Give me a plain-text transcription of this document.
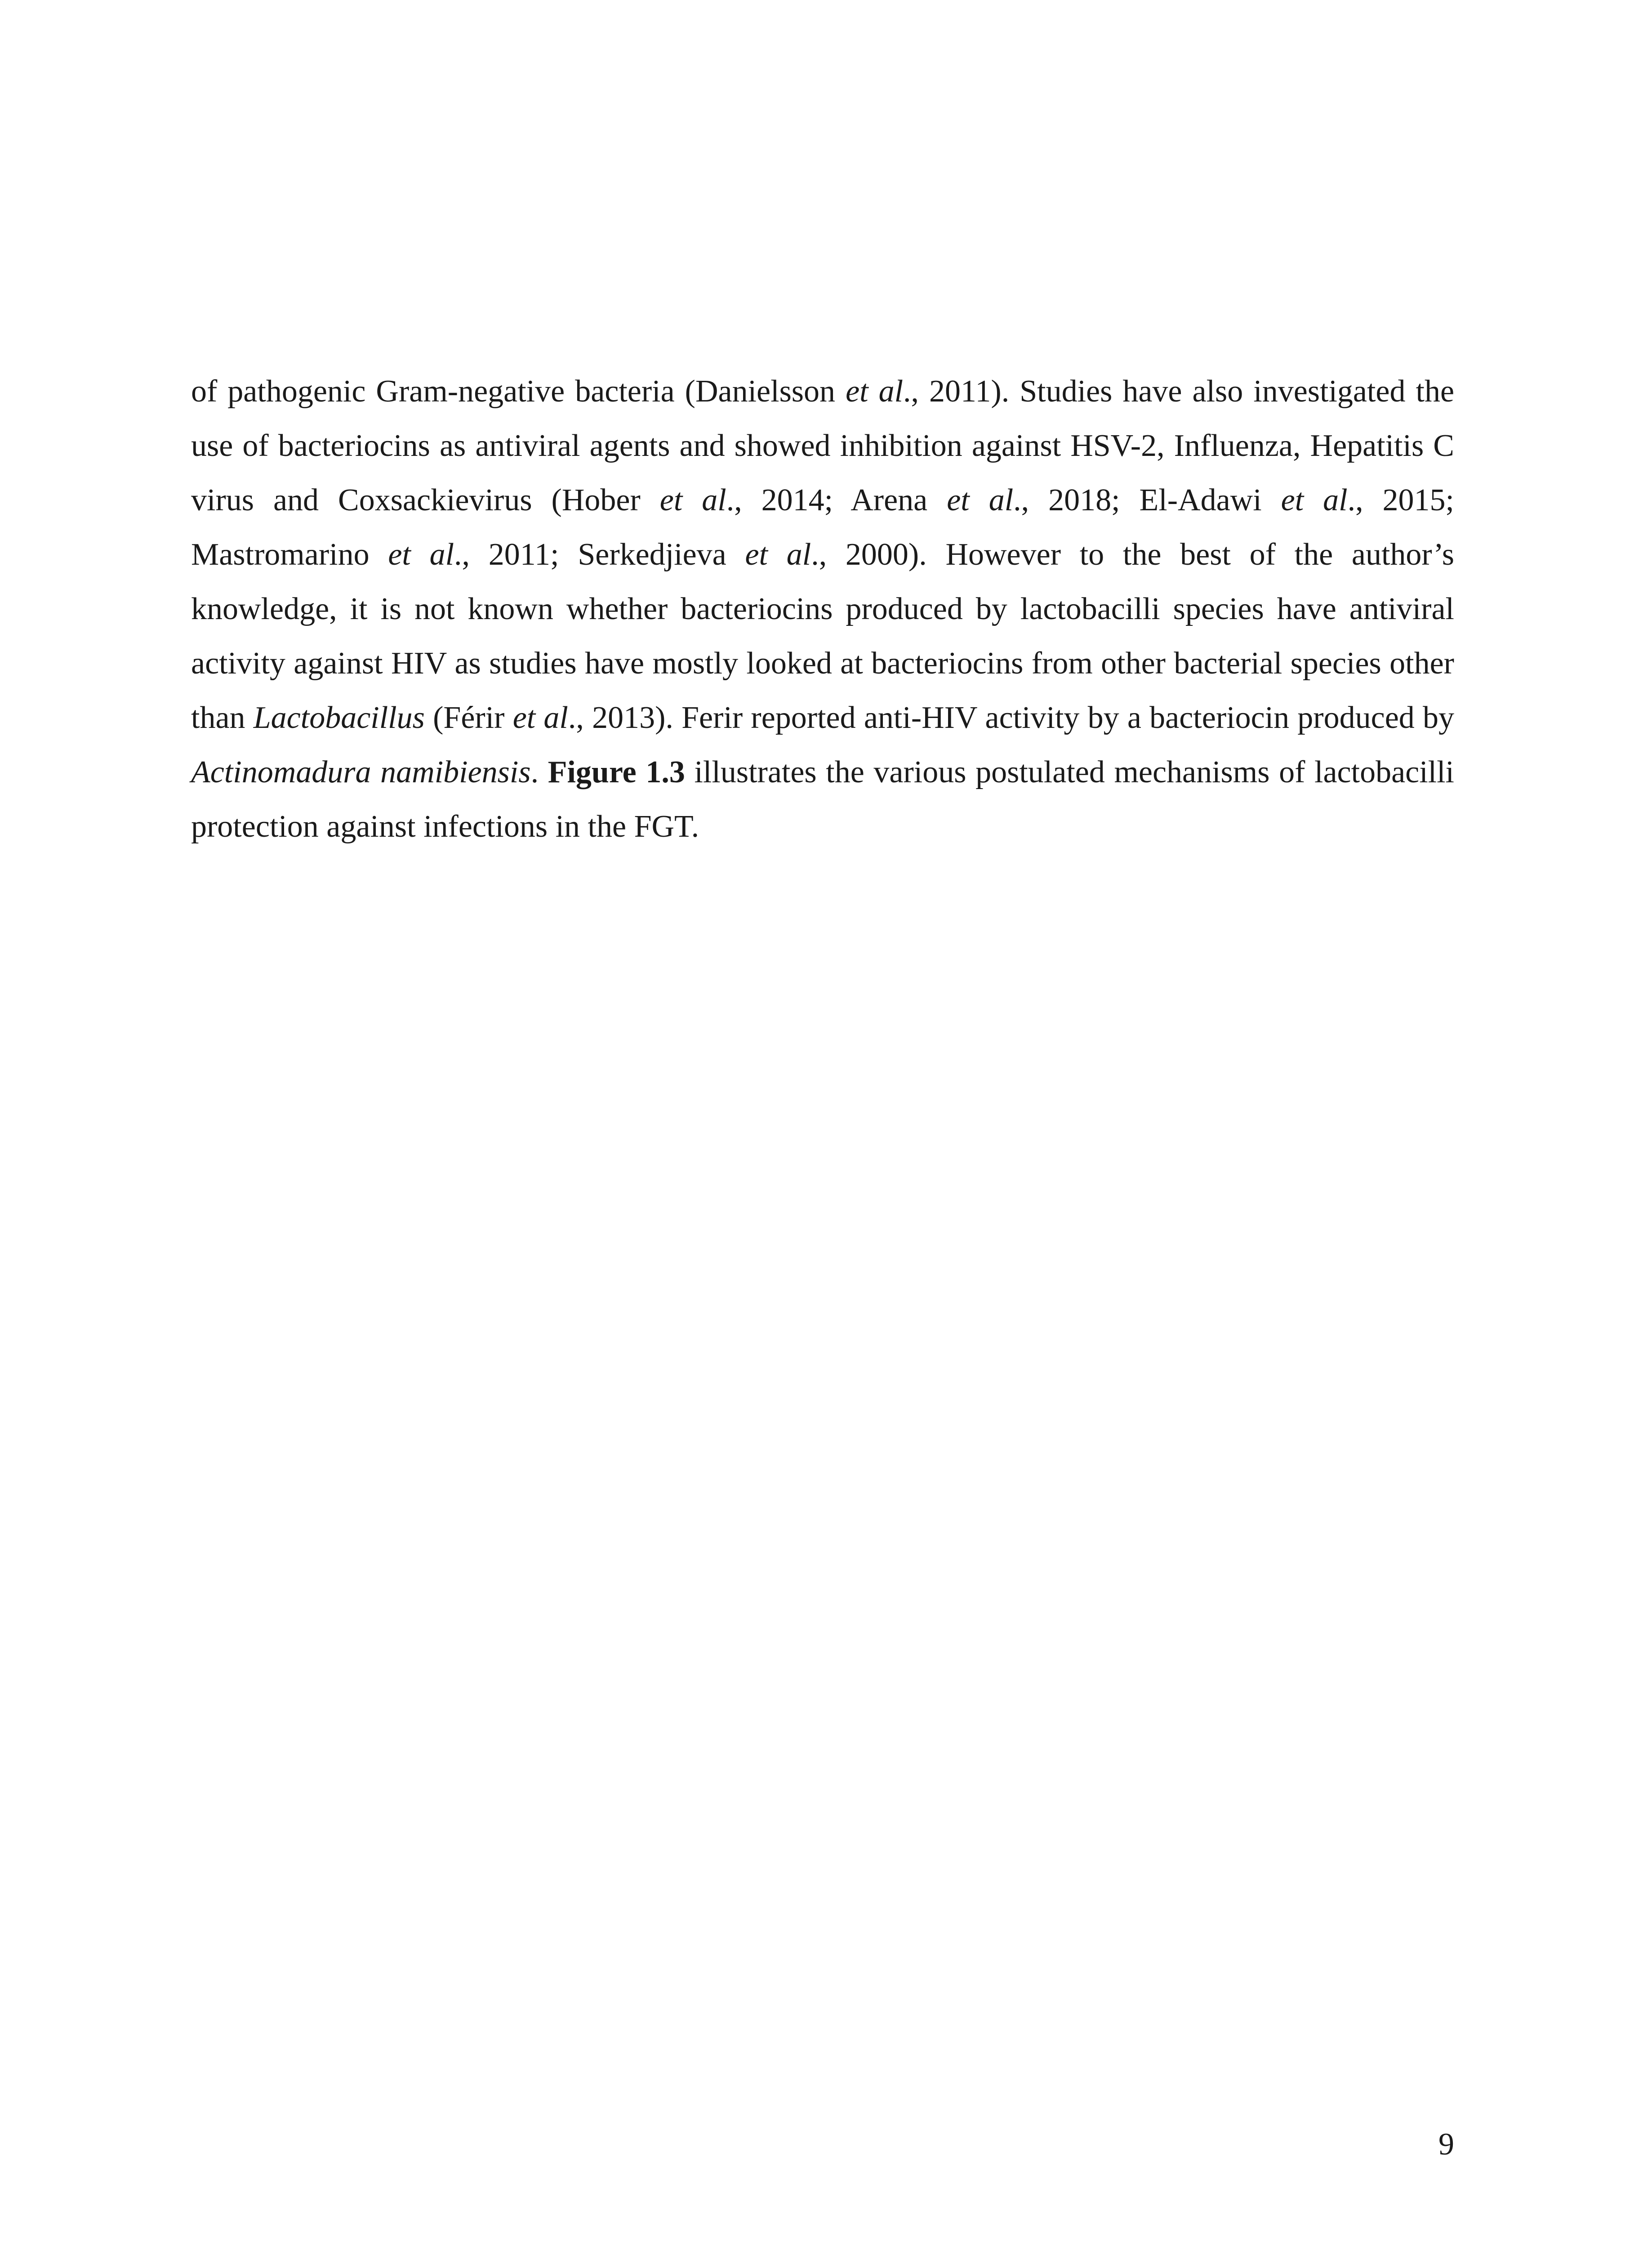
of pathogenic Gram-negative bacteria (Danielsson et al., 2011). Studies have also investigated the use of bacteriocins as antiviral agents and showed inhibition against HSV-2, Influenza, Hepatitis C virus and Coxsackievirus (Hober et al., 2014; Arena et al., 2018; El-Adawi et al., 2015; Mastromarino et al., 2011; Serkedjieva et al., 2000). However to the best of the author’s knowledge, it is not known whether bacteriocins produced by lactobacilli species have antiviral activity against HIV as studies have mostly looked at bacteriocins from other bacterial species other than Lactobacillus (Férir et al., 2013). Ferir reported anti-HIV activity by a bacteriocin produced by Actinomadura namibiensis. Figure 1.3 illustrates the various postulated mechanisms of lactobacilli protection against infections in the FGT.

9
